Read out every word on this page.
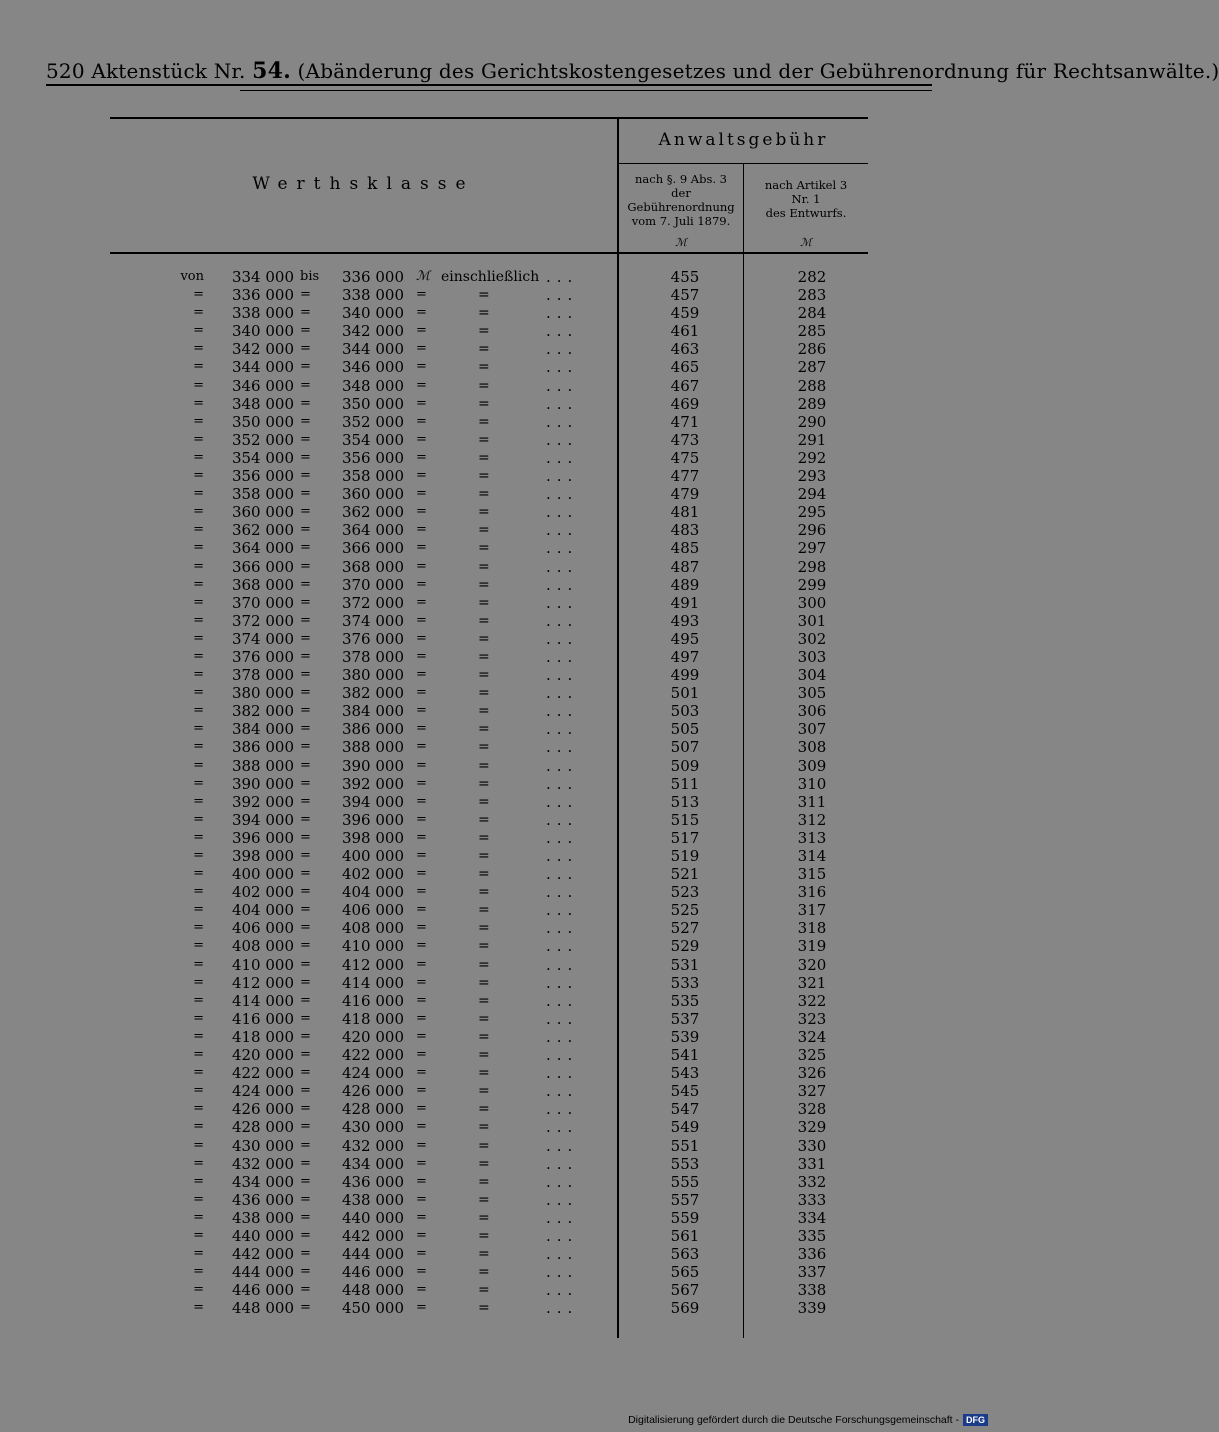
520 Aktenstück Nr. 54. (Abänderung des Gerichtskostengesetzes und der Gebührenordnung für Rechtsanwälte.)
Werthsklasse
Anwaltsgebühr
nach §. 9 Abs. 3
der
Gebührenordnung
vom 7. Juli 1879.
nach Artikel 3
Nr. 1
des Entwurfs.
ℳ	ℳ
von	334 000 bis	336 000 ℳ einschließlich ...	455	282
=	336 000 =	338 000 =	=	...	457	283
=	338 000 =	340 000 =	=	...	459	284
=	340 000 =	342 000 =	=	...	461	285
=	342 000 =	344 000 =	=	...	463	286
=	344 000 =	346 000 =	=	...	465	287
=	346 000 =	348 000 =	=	...	467	288
=	348 000 =	350 000 =	=	...	469	289
=	350 000 =	352 000 =	=	...	471	290
=	352 000 =	354 000 =	=	...	473	291
=	354 000 =	356 000 =	=	...	475	292
=	356 000 =	358 000 =	=	...	477	293
=	358 000 =	360 000 =	=	...	479	294
=	360 000 =	362 000 =	=	...	481	295
=	362 000 =	364 000 =	=	...	483	296
=	364 000 =	366 000 =	=	...	485	297
=	366 000 =	368 000 =	=	...	487	298
=	368 000 =	370 000 =	=	...	489	299
=	370 000 =	372 000 =	=	...	491	300
=	372 000 =	374 000 =	=	...	493	301
=	374 000 =	376 000 =	=	...	495	302
=	376 000 =	378 000 =	=	...	497	303
=	378 000 =	380 000 =	=	...	499	304
=	380 000 =	382 000 =	=	...	501	305
=	382 000 =	384 000 =	=	...	503	306
=	384 000 =	386 000 =	=	...	505	307
=	386 000 =	388 000 =	=	...	507	308
=	388 000 =	390 000 =	=	...	509	309
=	390 000 =	392 000 =	=	...	511	310
=	392 000 =	394 000 =	=	...	513	311
=	394 000 =	396 000 =	=	...	515	312
=	396 000 =	398 000 =	=	...	517	313
=	398 000 =	400 000 =	=	...	519	314
=	400 000 =	402 000 =	=	...	521	315
=	402 000 =	404 000 =	=	...	523	316
=	404 000 =	406 000 =	=	...	525	317
=	406 000 =	408 000 =	=	...	527	318
=	408 000 =	410 000 =	=	...	529	319
=	410 000 =	412 000 =	=	...	531	320
=	412 000 =	414 000 =	=	...	533	321
=	414 000 =	416 000 =	=	...	535	322
=	416 000 =	418 000 =	=	...	537	323
=	418 000 =	420 000 =	=	...	539	324
=	420 000 =	422 000 =	=	...	541	325
=	422 000 =	424 000 =	=	...	543	326
=	424 000 =	426 000 =	=	...	545	327
=	426 000 =	428 000 =	=	...	547	328
=	428 000 =	430 000 =	=	...	549	329
=	430 000 =	432 000 =	=	...	551	330
=	432 000 =	434 000 =	=	...	553	331
=	434 000 =	436 000 =	=	...	555	332
=	436 000 =	438 000 =	=	...	557	333
=	438 000 =	440 000 =	=	...	559	334
=	440 000 =	442 000 =	=	...	561	335
=	442 000 =	444 000 =	=	...	563	336
=	444 000 =	446 000 =	=	...	565	337
=	446 000 =	448 000 =	=	...	567	338
=	448 000 =	450 000 =	=	...	569	339
Digitalisierung gefördert durch die Deutsche Forschungsgemeinschaft - DFG
